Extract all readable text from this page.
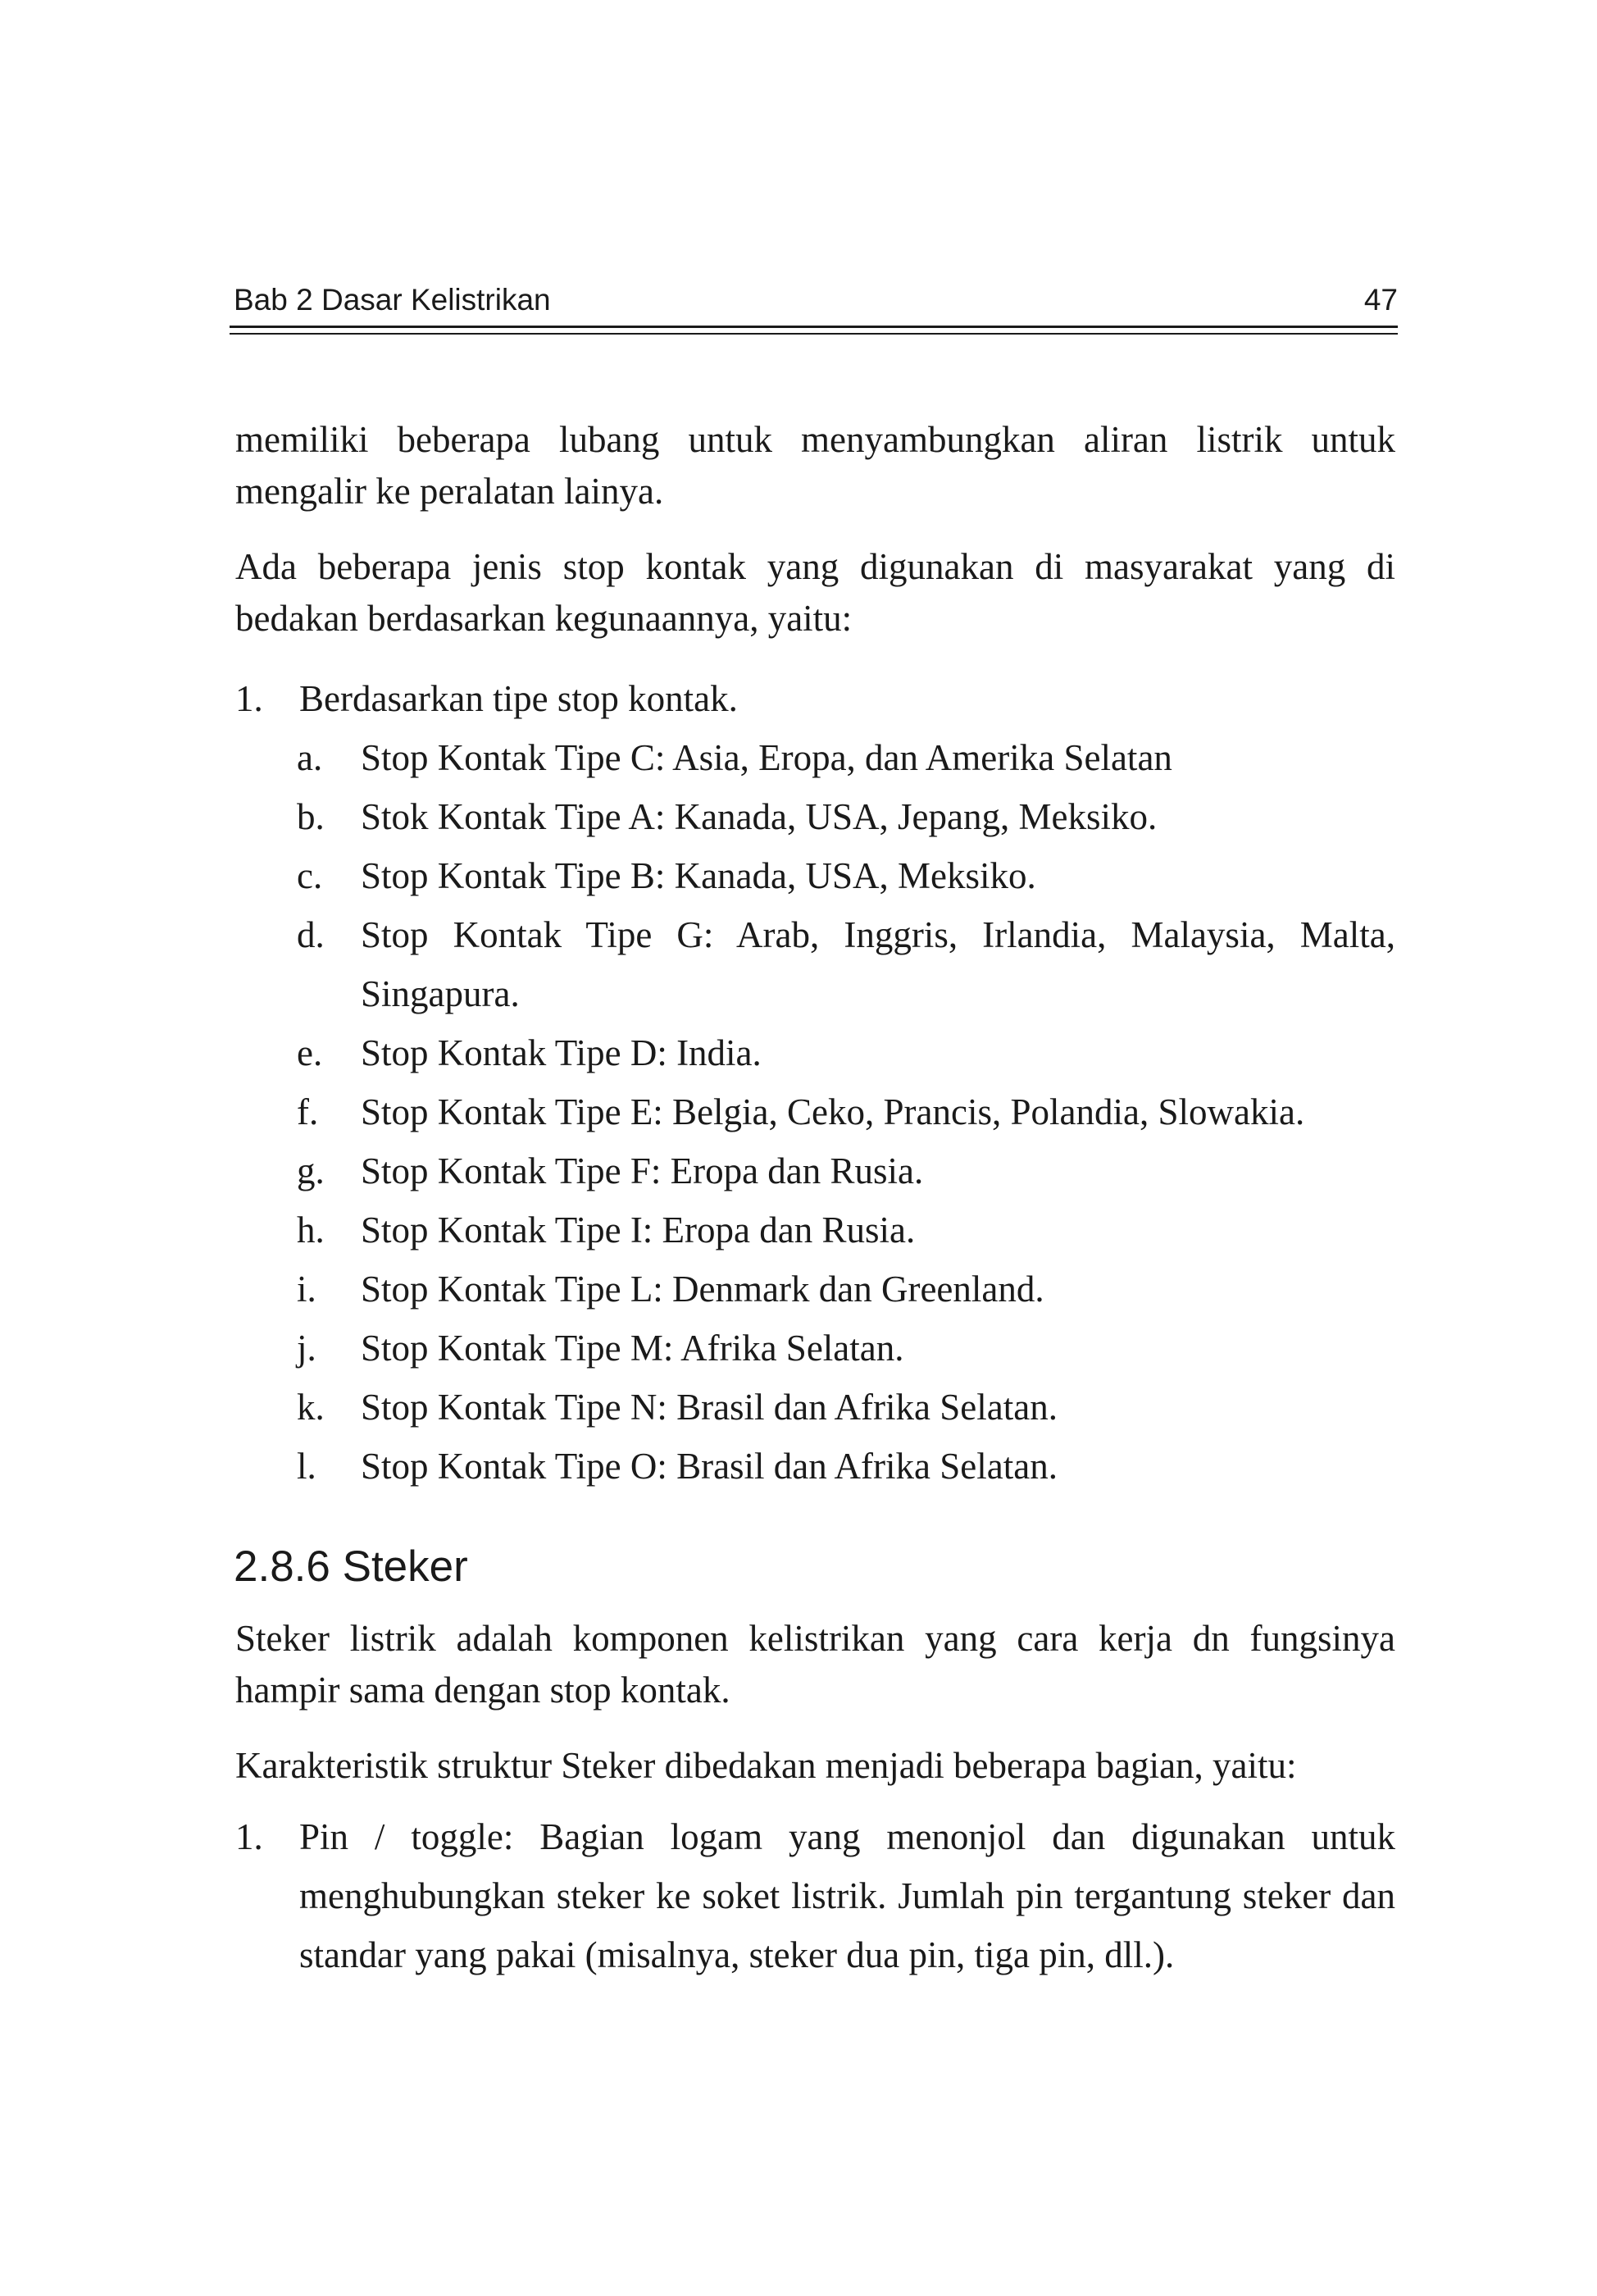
Bab 2 Dasar Kelistrikan	47

memiliki beberapa lubang untuk menyambungkan aliran listrik untuk mengalir ke peralatan lainya.

Ada beberapa jenis stop kontak yang digunakan di masyarakat yang di bedakan berdasarkan kegunaannya, yaitu:

1. Berdasarkan tipe stop kontak.
a. Stop Kontak Tipe C: Asia, Eropa, dan Amerika Selatan
b. Stok Kontak Tipe A: Kanada, USA, Jepang, Meksiko.
c. Stop Kontak Tipe B: Kanada, USA, Meksiko.
d. Stop Kontak Tipe G: Arab, Inggris, Irlandia, Malaysia, Malta, Singapura.
e. Stop Kontak Tipe D: India.
f. Stop Kontak Tipe E: Belgia, Ceko, Prancis, Polandia, Slowakia.
g. Stop Kontak Tipe F: Eropa dan Rusia.
h. Stop Kontak Tipe I: Eropa dan Rusia.
i. Stop Kontak Tipe L: Denmark dan Greenland.
j. Stop Kontak Tipe M: Afrika Selatan.
k. Stop Kontak Tipe N: Brasil dan Afrika Selatan.
l. Stop Kontak Tipe O: Brasil dan Afrika Selatan.
2.8.6 Steker

Steker listrik adalah komponen kelistrikan yang cara kerja dn fungsinya hampir sama dengan stop kontak.

Karakteristik struktur Steker dibedakan menjadi beberapa bagian, yaitu:

1. Pin / toggle: Bagian logam yang menonjol dan digunakan untuk menghubungkan steker ke soket listrik. Jumlah pin tergantung steker dan standar yang pakai (misalnya, steker dua pin, tiga pin, dll.).
